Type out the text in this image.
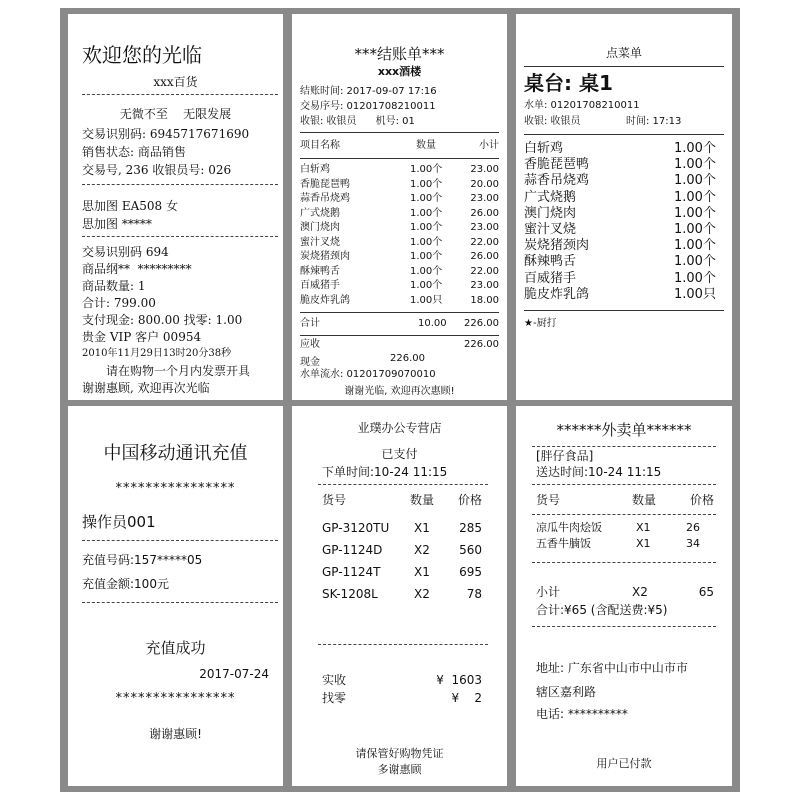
欢迎您的光临
xxx百货
无微不至    无限发展
交易识别码: 6945717671690
销售状态: 商品销售
交易号, 236 收银员号: 026
思加图 EA508 女
思加图 *****
交易识别码 694
商品纲**  *********
商品数量: 1
合计: 799.00
支付现金: 800.00 找零: 1.00
贵金 VIP 客户 00954
2010年11月29日13时20分38秒
请在购物一个月内发票开具
谢谢惠顾, 欢迎再次光临
***结账单***
xxx酒楼
结账时间: 2017-09-07 17:16
交易序号: 01201708210011
收银: 收银员      机号: 01
项目名称	数量	小计
白斩鸡	1.00个	23.00
香脆琵琶鸭	1.00个	20.00
蒜香吊烧鸡	1.00个	23.00
广式烧鹅	1.00个	26.00
澳门烧肉	1.00个	23.00
蜜汁叉烧	1.00个	22.00
炭烧猪颈肉	1.00个	26.00
酥辣鸭舌	1.00个	22.00
百威猪手	1.00个	23.00
脆皮炸乳鸽	1.00只	18.00
合计	10.00 226.00
应收	226.00
现金	226.00
水单流水: 01201709070010
谢谢光临, 欢迎再次惠顾!
点菜单
桌台: 桌1
水单: 01201708210011
收银: 收银员	时间: 17:13
白斩鸡	1.00个
香脆琵琶鸭	1.00个
蒜香吊烧鸡	1.00个
广式烧鹅	1.00个
澳门烧肉	1.00个
蜜汁叉烧	1.00个
炭烧猪颈肉	1.00个
酥辣鸭舌	1.00个
百威猪手	1.00个
脆皮炸乳鸽	1.00只
★-厨打
中国移动通讯充值
****************
操作员001
充值号码:157*****05
充值金额:100元
充值成功
2017-07-24
****************
谢谢惠顾!
业璞办公专营店
已支付
下单时间:10-24 11:15
货号	数量 价格
GP-3120TU X1 285
GP-1124D	X2 560
GP-1124T	X1 695
SK-1208L	X2	78
实收	¥  1603
找零	¥    2
请保管好购物凭证
多谢惠顾
******外卖单******
[胖仔食品]
送达时间:10-24 11:15
货号	数量	价格
凉瓜牛肉烩饭	X1	26
五香牛腩饭	X1	34
小计	X2	65
合计:¥65 (含配送费:¥5)
地址: 广东省中山市中山市市
辖区嘉利路
电话: **********
用户已付款
